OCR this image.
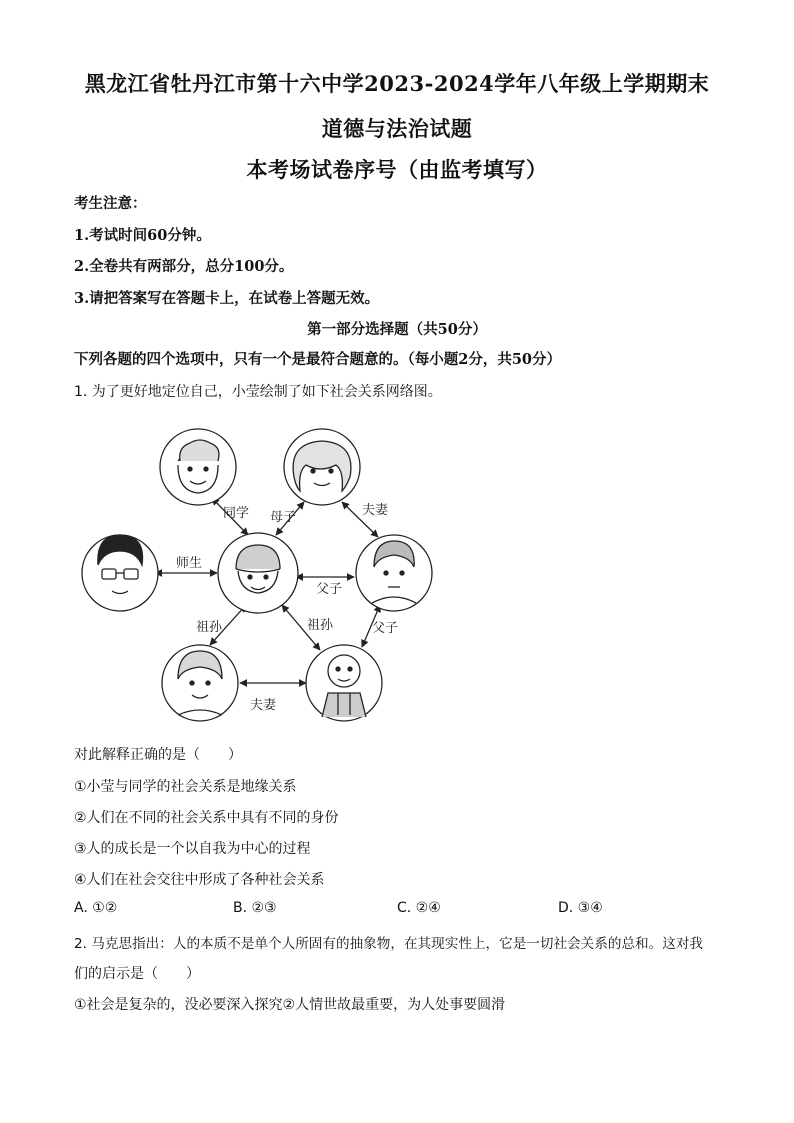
黑龙江省牡丹江市第十六中学2023-2024学年八年级上学期期末
道德与法治试题
本考场试卷序号（由监考填写）
考生注意：
1.考试时间60分钟。
2.全卷共有两部分，总分100分。
3.请把答案写在答题卡上，在试卷上答题无效。
第一部分选择题（共50分）
下列各题的四个选项中，只有一个是最符合题意的。（每小题2分，共50分）
1. 为了更好地定位自己，小莹绘制了如下社会关系网络图。
同学 母子	夫妻
师生
父子
祖孙	祖孙	父子
夫妻
对此解释正确的是（　　）
①小莹与同学的社会关系是地缘关系
②人们在不同的社会关系中具有不同的身份
③人的成长是一个以自我为中心的过程
④人们在社会交往中形成了各种社会关系
A. ①②	B. ②③	C. ②④	D. ③④
2. 马克思指出：人的本质不是单个人所固有的抽象物，在其现实性上，它是一切社会关系的总和。这对我
们的启示是（　　）
①社会是复杂的，没必要深入探究②人情世故最重要，为人处事要圆滑
